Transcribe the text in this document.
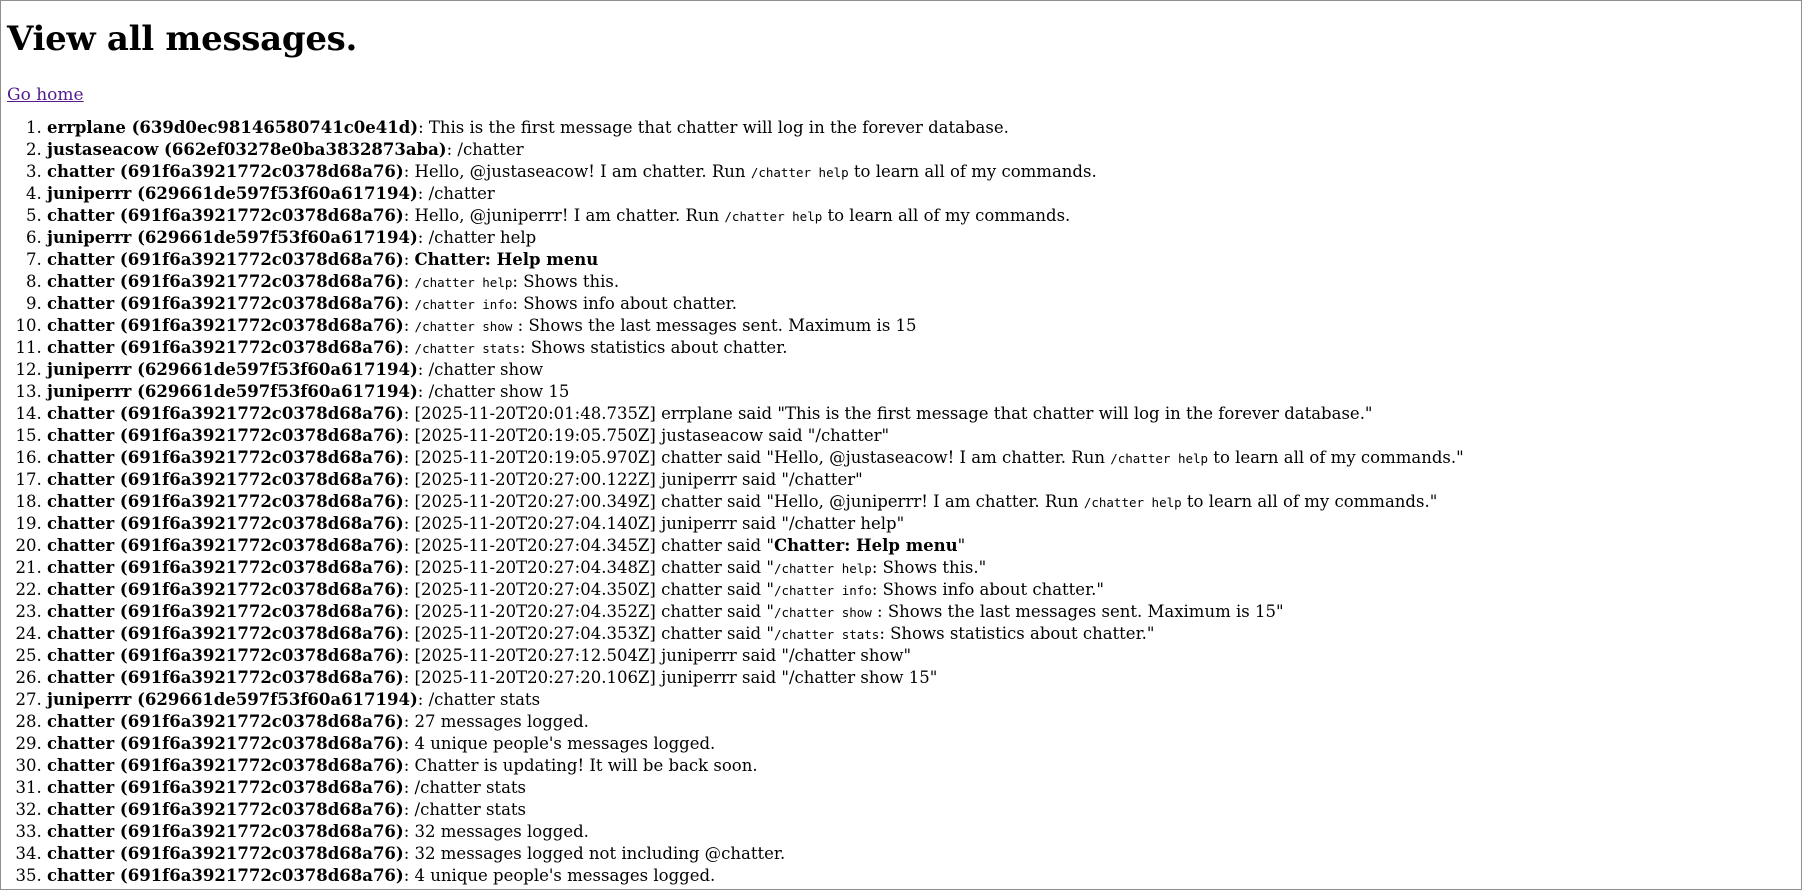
View all messages.

Go home

1. errplane (639d0ec98146580741c0e41d): This is the first message that chatter will log in the forever database.
2. justaseacow (662ef03278e0ba3832873aba): /chatter
3. chatter (691f6a3921772c0378d68a76): Hello, @justaseacow! I am chatter. Run /chatter help to learn all of my commands.
4. juniperrr (629661de597f53f60a617194): /chatter
5. chatter (691f6a3921772c0378d68a76): Hello, @juniperrr! I am chatter. Run /chatter help to learn all of my commands.
6. juniperrr (629661de597f53f60a617194): /chatter help
7. chatter (691f6a3921772c0378d68a76): Chatter: Help menu
8. chatter (691f6a3921772c0378d68a76): /chatter help: Shows this.
9. chatter (691f6a3921772c0378d68a76): /chatter info: Shows info about chatter.
10. chatter (691f6a3921772c0378d68a76): /chatter show : Shows the last messages sent. Maximum is 15
11. chatter (691f6a3921772c0378d68a76): /chatter stats: Shows statistics about chatter.
12. juniperrr (629661de597f53f60a617194): /chatter show
13. juniperrr (629661de597f53f60a617194): /chatter show 15
14. chatter (691f6a3921772c0378d68a76): [2025-11-20T20:01:48.735Z] errplane said "This is the first message that chatter will log in the forever database."
15. chatter (691f6a3921772c0378d68a76): [2025-11-20T20:19:05.750Z] justaseacow said "/chatter"
16. chatter (691f6a3921772c0378d68a76): [2025-11-20T20:19:05.970Z] chatter said "Hello, @justaseacow! I am chatter. Run /chatter help to learn all of my commands."
17. chatter (691f6a3921772c0378d68a76): [2025-11-20T20:27:00.122Z] juniperrr said "/chatter"
18. chatter (691f6a3921772c0378d68a76): [2025-11-20T20:27:00.349Z] chatter said "Hello, @juniperrr! I am chatter. Run /chatter help to learn all of my commands."
19. chatter (691f6a3921772c0378d68a76): [2025-11-20T20:27:04.140Z] juniperrr said "/chatter help"
20. chatter (691f6a3921772c0378d68a76): [2025-11-20T20:27:04.345Z] chatter said "Chatter: Help menu"
21. chatter (691f6a3921772c0378d68a76): [2025-11-20T20:27:04.348Z] chatter said "/chatter help: Shows this."
22. chatter (691f6a3921772c0378d68a76): [2025-11-20T20:27:04.350Z] chatter said "/chatter info: Shows info about chatter."
23. chatter (691f6a3921772c0378d68a76): [2025-11-20T20:27:04.352Z] chatter said "/chatter show : Shows the last messages sent. Maximum is 15"
24. chatter (691f6a3921772c0378d68a76): [2025-11-20T20:27:04.353Z] chatter said "/chatter stats: Shows statistics about chatter."
25. chatter (691f6a3921772c0378d68a76): [2025-11-20T20:27:12.504Z] juniperrr said "/chatter show"
26. chatter (691f6a3921772c0378d68a76): [2025-11-20T20:27:20.106Z] juniperrr said "/chatter show 15"
27. juniperrr (629661de597f53f60a617194): /chatter stats
28. chatter (691f6a3921772c0378d68a76): 27 messages logged.
29. chatter (691f6a3921772c0378d68a76): 4 unique people's messages logged.
30. chatter (691f6a3921772c0378d68a76): Chatter is updating! It will be back soon.
31. chatter (691f6a3921772c0378d68a76): /chatter stats
32. chatter (691f6a3921772c0378d68a76): /chatter stats
33. chatter (691f6a3921772c0378d68a76): 32 messages logged.
34. chatter (691f6a3921772c0378d68a76): 32 messages logged not including @chatter.
35. chatter (691f6a3921772c0378d68a76): 4 unique people's messages logged.
